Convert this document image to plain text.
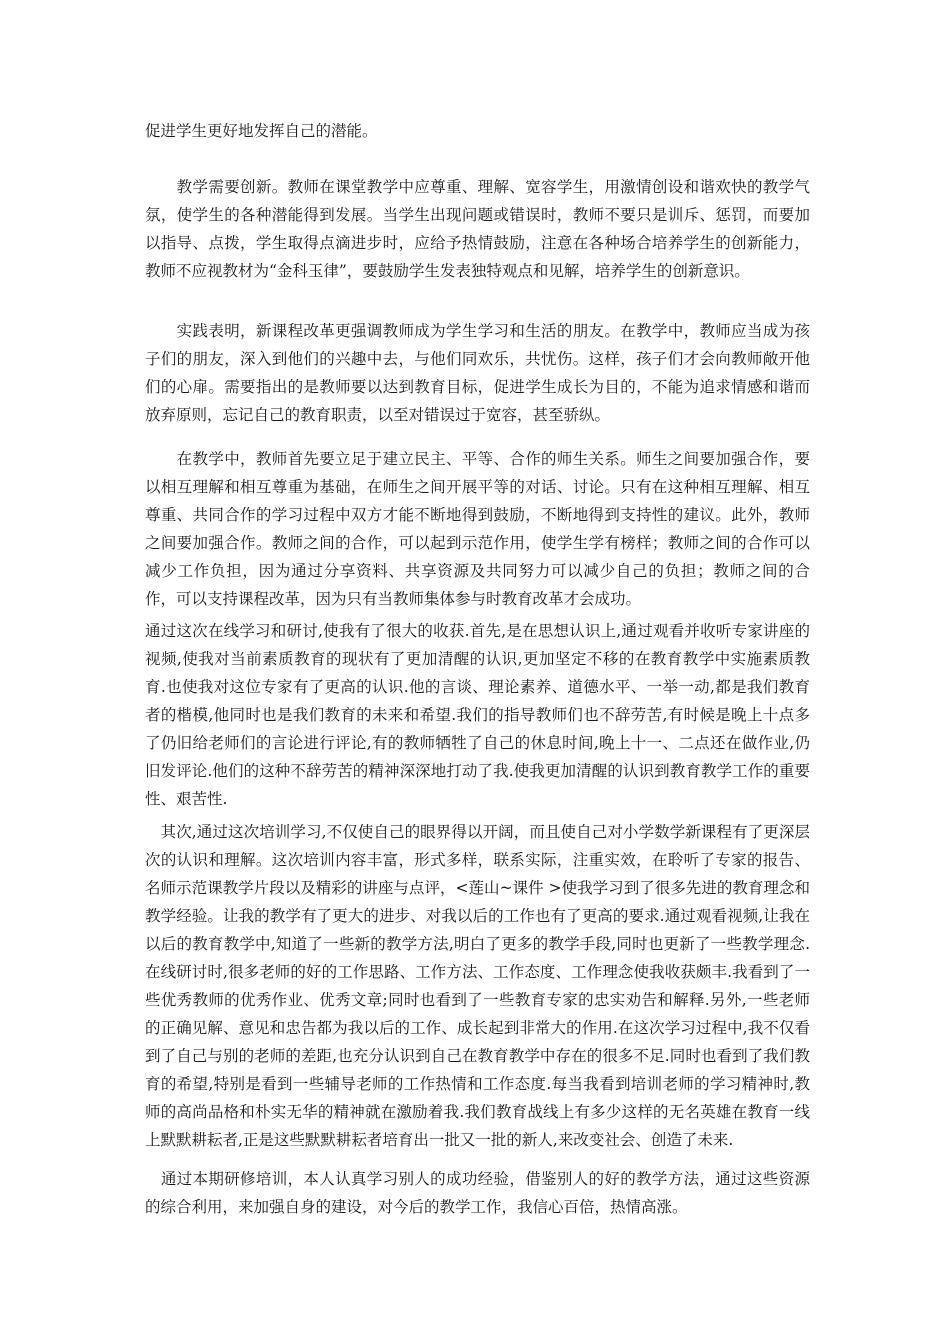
促进学生更好地发挥自己的潜能。

　　教学需要创新。教师在课堂教学中应尊重、理解、宽容学生，用激情创设和谐欢快的教学气氛，使学生的各种潜能得到发展。当学生出现问题或错误时，教师不要只是训斥、惩罚，而要加以指导、点拨，学生取得点滴进步时，应给予热情鼓励，注意在各种场合培养学生的创新能力，教师不应视教材为“金科玉律”，要鼓励学生发表独特观点和见解，培养学生的创新意识。

　　实践表明，新课程改革更强调教师成为学生学习和生活的朋友。在教学中，教师应当成为孩子们的朋友，深入到他们的兴趣中去，与他们同欢乐，共忧伤。这样，孩子们才会向教师敞开他们的心扉。需要指出的是教师要以达到教育目标，促进学生成长为目的，不能为追求情感和谐而放弃原则，忘记自己的教育职责，以至对错误过于宽容，甚至骄纵。

　　在教学中，教师首先要立足于建立民主、平等、合作的师生关系。师生之间要加强合作，要以相互理解和相互尊重为基础，在师生之间开展平等的对话、讨论。只有在这种相互理解、相互尊重、共同合作的学习过程中双方才能不断地得到鼓励，不断地得到支持性的建议。此外，教师之间要加强合作。教师之间的合作，可以起到示范作用，使学生学有榜样；教师之间的合作可以减少工作负担，因为通过分享资料、共享资源及共同努力可以减少自己的负担；教师之间的合作，可以支持课程改革，因为只有当教师集体参与时教育改革才会成功。

通过这次在线学习和研讨,使我有了很大的收获.首先,是在思想认识上,通过观看并收听专家讲座的视频,使我对当前素质教育的现状有了更加清醒的认识,更加坚定不移的在教育教学中实施素质教育.也使我对这位专家有了更高的认识.他的言谈、理论素养、道德水平、一举一动,都是我们教育者的楷模,他同时也是我们教育的未来和希望.我们的指导教师们也不辞劳苦,有时候是晚上十点多了仍旧给老师们的言论进行评论,有的教师牺牲了自己的休息时间,晚上十一、二点还在做作业,仍旧发评论.他们的这种不辞劳苦的精神深深地打动了我.使我更加清醒的认识到教育教学工作的重要性、艰苦性.

　其次,通过这次培训学习,不仅使自己的眼界得以开阔，而且使自己对小学数学新课程有了更深层次的认识和理解。这次培训内容丰富，形式多样，联系实际，注重实效，在聆听了专家的报告、名师示范课教学片段以及精彩的讲座与点评，<莲山~课件 >使我学习到了很多先进的教育理念和教学经验。让我的教学有了更大的进步、对我以后的工作也有了更高的要求.通过观看视频,让我在以后的教育教学中,知道了一些新的教学方法,明白了更多的教学手段,同时也更新了一些教学理念.在线研讨时,很多老师的好的工作思路、工作方法、工作态度、工作理念使我收获颇丰.我看到了一些优秀教师的优秀作业、优秀文章;同时也看到了一些教育专家的忠实劝告和解释.另外,一些老师的正确见解、意见和忠告都为我以后的工作、成长起到非常大的作用.在这次学习过程中,我不仅看到了自己与别的老师的差距,也充分认识到自己在教育教学中存在的很多不足.同时也看到了我们教育的希望,特别是看到一些辅导老师的工作热情和工作态度.每当我看到培训老师的学习精神时,教师的高尚品格和朴实无华的精神就在激励着我.我们教育战线上有多少这样的无名英雄在教育一线上默默耕耘者,正是这些默默耕耘者培育出一批又一批的新人,来改变社会、创造了未来.

　通过本期研修培训，本人认真学习别人的成功经验，借鉴别人的好的教学方法，通过这些资源的综合利用，来加强自身的建设，对今后的教学工作，我信心百倍，热情高涨。
